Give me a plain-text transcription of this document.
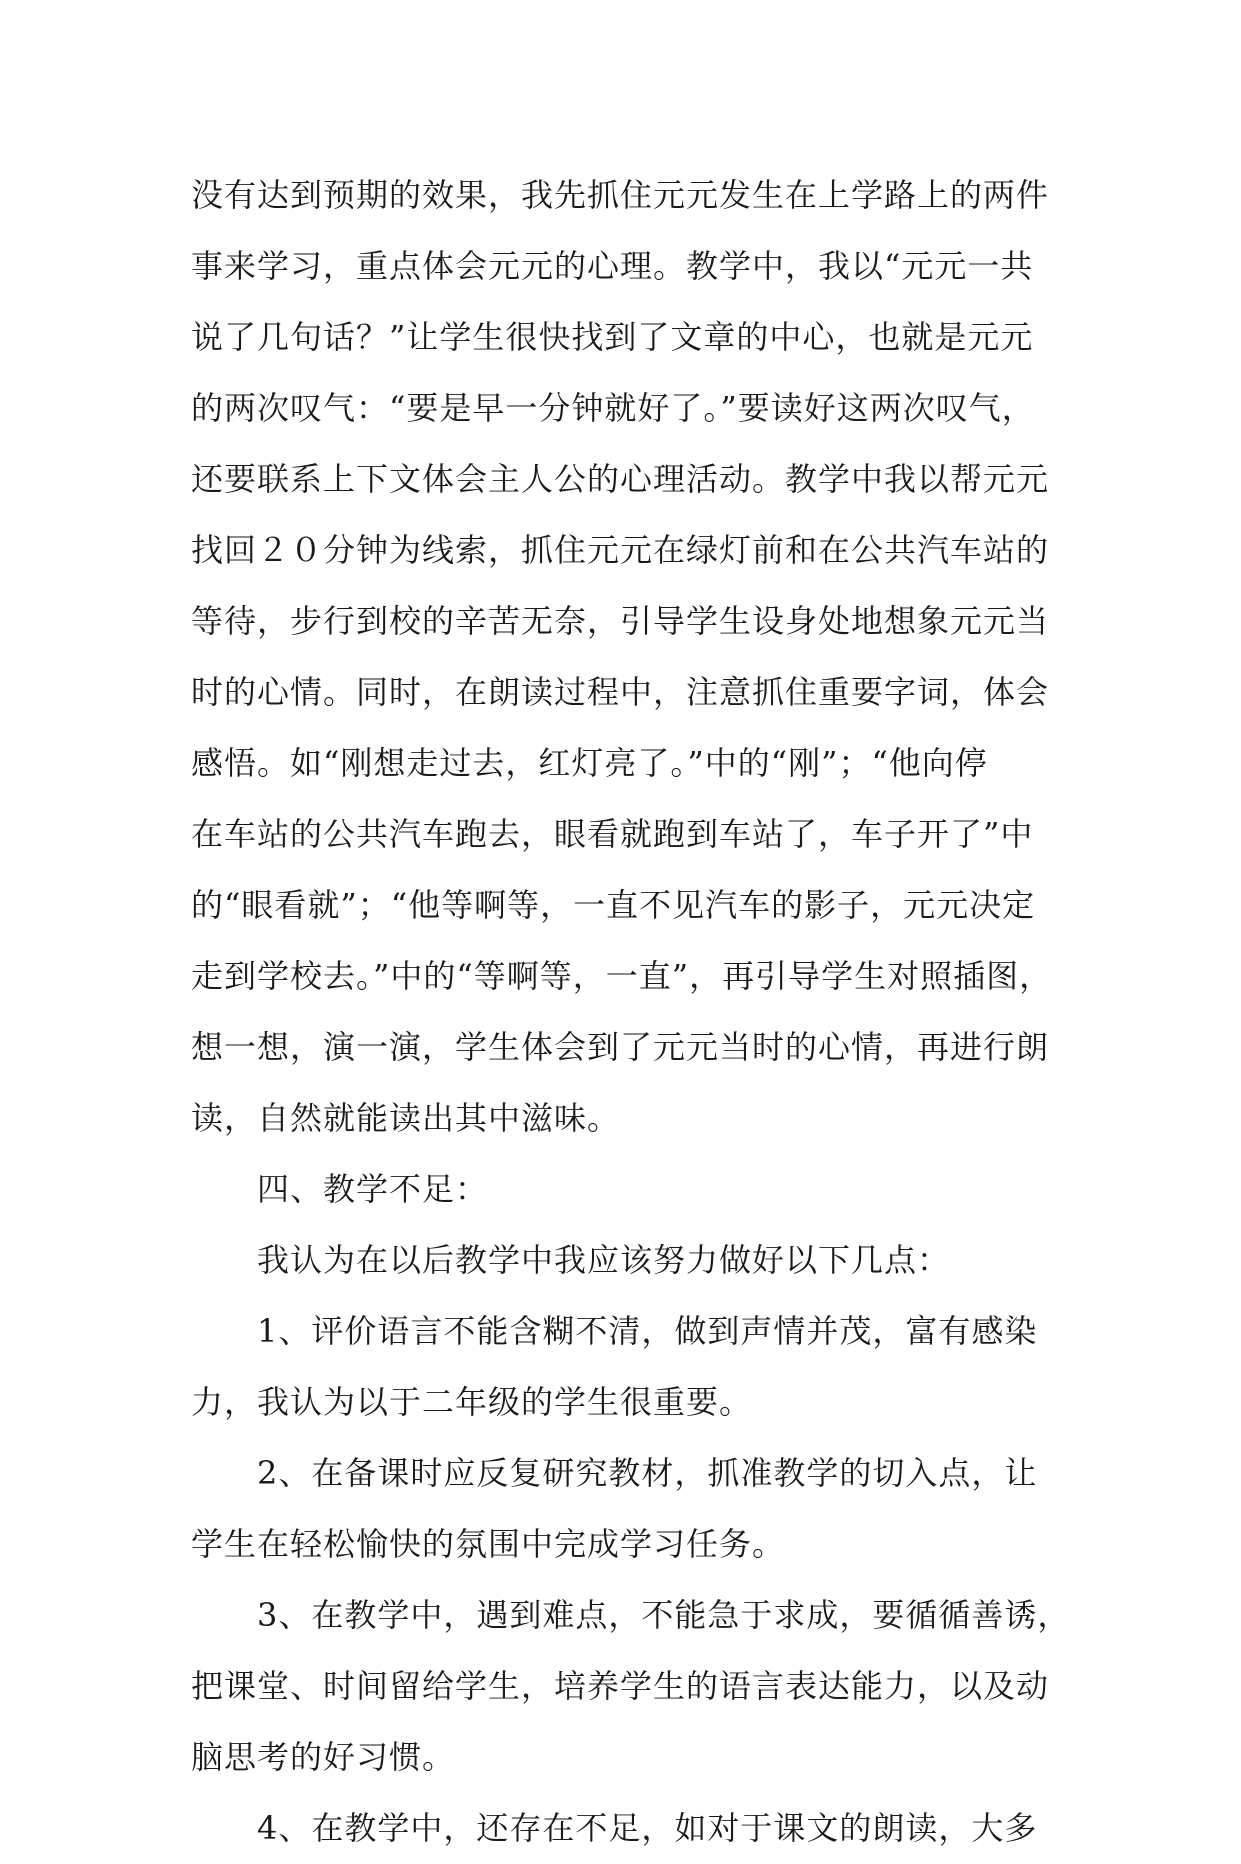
没有达到预期的效果，我先抓住元元发生在上学路上的两件
事来学习，重点体会元元的心理。教学中，我以“元元一共
说了几句话？”让学生很快找到了文章的中心，也就是元元
的两次叹气：“要是早一分钟就好了。”要读好这两次叹气，
还要联系上下文体会主人公的心理活动。教学中我以帮元元
找回２０分钟为线索，抓住元元在绿灯前和在公共汽车站的
等待，步行到校的辛苦无奈，引导学生设身处地想象元元当
时的心情。同时，在朗读过程中，注意抓住重要字词，体会
感悟。如“刚想走过去，红灯亮了。”中的“刚”；“他向停
在车站的公共汽车跑去，眼看就跑到车站了，车子开了”中
的“眼看就”；“他等啊等，一直不见汽车的影子，元元决定
走到学校去。”中的“等啊等，一直”，再引导学生对照插图，
想一想，演一演，学生体会到了元元当时的心情，再进行朗
读，自然就能读出其中滋味。
　　四、教学不足：
　　我认为在以后教学中我应该努力做好以下几点：
　　1、评价语言不能含糊不清，做到声情并茂，富有感染
力，我认为以于二年级的学生很重要。
　　2、在备课时应反复研究教材，抓准教学的切入点，让
学生在轻松愉快的氛围中完成学习任务。
　　3、在教学中，遇到难点，不能急于求成，要循循善诱，
把课堂、时间留给学生，培养学生的语言表达能力，以及动
脑思考的好习惯。
　　4、在教学中，还存在不足，如对于课文的朗读，大多
